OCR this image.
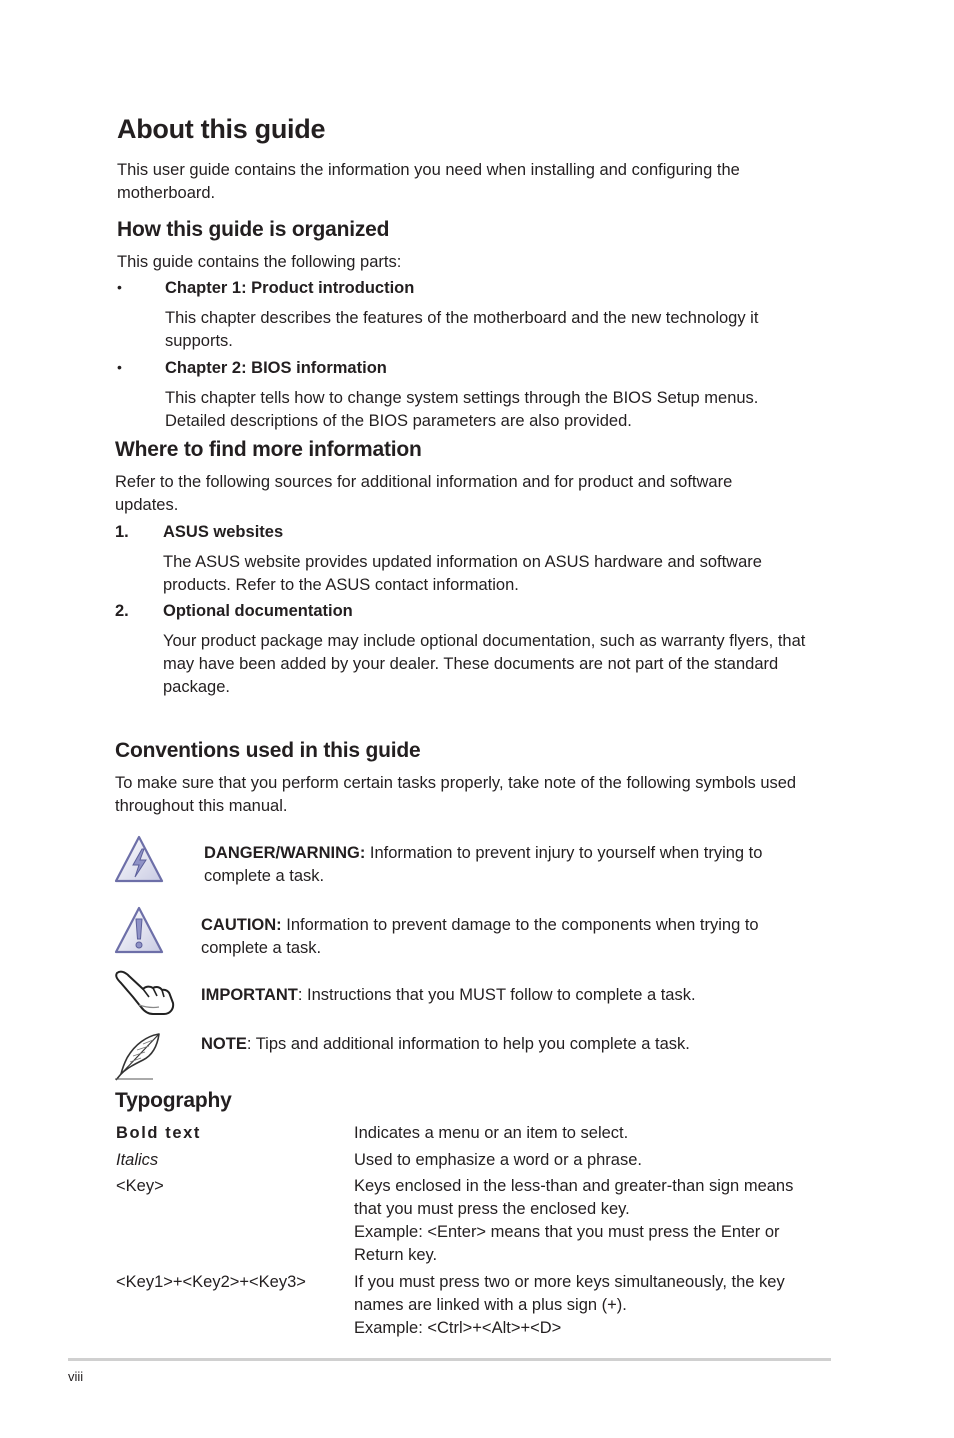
About this guide
This user guide contains the information you need when installing and configuring the motherboard.
How this guide is organized
This guide contains the following parts:
•	Chapter 1: Product introduction
This chapter describes the features of the motherboard and the new technology it supports.
•	Chapter 2: BIOS information
This chapter tells how to change system settings through the BIOS Setup menus. Detailed descriptions of the BIOS parameters are also provided.
Where to find more information
Refer to the following sources for additional information and for product and software updates.
1. ASUS websites
The ASUS website provides updated information on ASUS hardware and software products. Refer to the ASUS contact information.
2. Optional documentation
Your product package may include optional documentation, such as warranty flyers, that may have been added by your dealer. These documents are not part of the standard package.
Conventions used in this guide
To make sure that you perform certain tasks properly, take note of the following symbols used throughout this manual.
DANGER/WARNING: Information to prevent injury to yourself when trying to complete a task.
CAUTION: Information to prevent damage to the components when trying to complete a task.
IMPORTANT: Instructions that you MUST follow to complete a task.
NOTE: Tips and additional information to help you complete a task.
Typography
Bold text	Indicates a menu or an item to select.
Italics	Used to emphasize a word or a phrase.
<Key>	Keys enclosed in the less-than and greater-than sign means that you must press the enclosed key.
Example: <Enter> means that you must press the Enter or Return key.
<Key1>+<Key2>+<Key3>	If you must press two or more keys simultaneously, the key names are linked with a plus sign (+).
Example: <Ctrl>+<Alt>+<D>
viii
